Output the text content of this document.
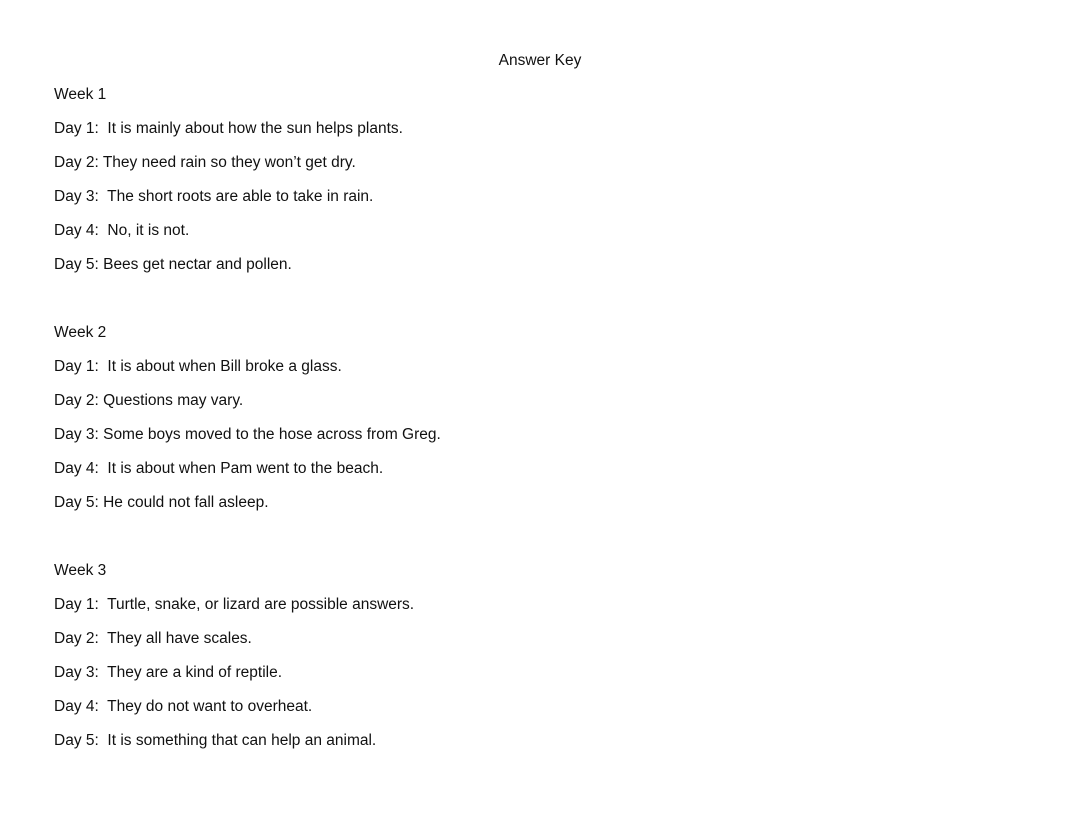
Answer Key
Week 1
Day 1:  It is mainly about how the sun helps plants.
Day 2: They need rain so they won’t get dry.
Day 3:  The short roots are able to take in rain.
Day 4:  No, it is not.
Day 5: Bees get nectar and pollen.
Week 2
Day 1:  It is about when Bill broke a glass.
Day 2: Questions may vary.
Day 3: Some boys moved to the hose across from Greg.
Day 4:  It is about when Pam went to the beach.
Day 5: He could not fall asleep.
Week 3
Day 1:  Turtle, snake, or lizard are possible answers.
Day 2:  They all have scales.
Day 3:  They are a kind of reptile.
Day 4:  They do not want to overheat.
Day 5:  It is something that can help an animal.
